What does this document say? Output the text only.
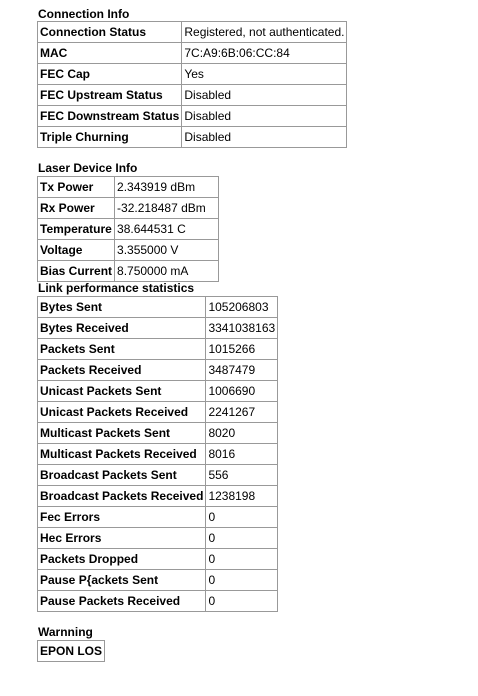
Connection Info
Connection Status	Registered, not authenticated.
MAC	7C:A9:6B:06:CC:84
FEC Cap	Yes
FEC Upstream Status	Disabled
FEC Downstream Status	Disabled
Triple Churning	Disabled
Laser Device Info
Tx Power	2.343919 dBm
Rx Power	-32.218487 dBm
Temperature	38.644531 C
Voltage	3.355000 V
Bias Current	8.750000 mA
Link performance statistics
Bytes Sent	105206803
Bytes Received	3341038163
Packets Sent	1015266
Packets Received	3487479
Unicast Packets Sent	1006690
Unicast Packets Received	2241267
Multicast Packets Sent	8020
Multicast Packets Received	8016
Broadcast Packets Sent	556
Broadcast Packets Received	1238198
Fec Errors	0
Hec Errors	0
Packets Dropped	0
Pause P{ackets Sent	0
Pause Packets Received	0
Warnning
EPON LOS
